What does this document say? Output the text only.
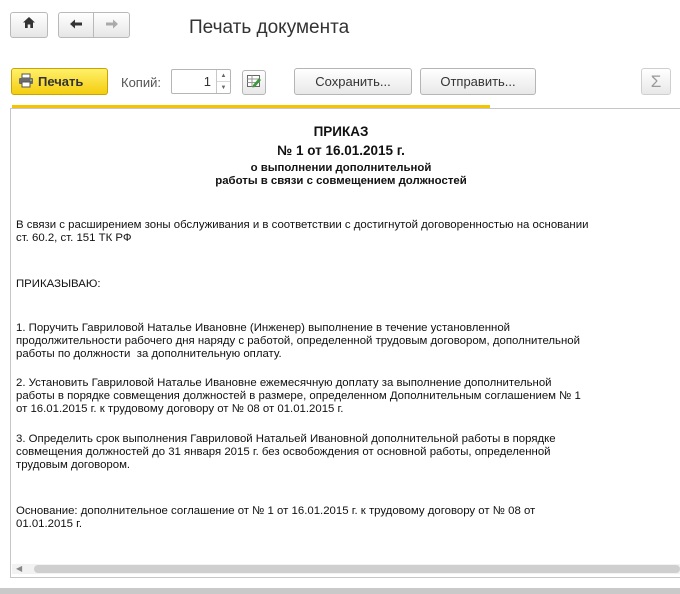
Печать документа
Печать	Копий:	1	▲
▼	Сохранить...	Отправить...	Σ
ПРИКАЗ
№ 1 от 16.01.2015 г.
о выполнении дополнительной
работы в связи с совмещением должностей
В связи с расширением зоны обслуживания и в соответствии с достигнутой договоренностью на основании
ст. 60.2, ст. 151 ТК РФ
ПРИКАЗЫВАЮ:
1. Поручить Гавриловой Наталье Ивановне (Инженер) выполнение в течение установленной
продолжительности рабочего дня наряду с работой, определенной трудовым договором, дополнительной
работы по должности  за дополнительную оплату.
2. Установить Гавриловой Наталье Ивановне ежемесячную доплату за выполнение дополнительной
работы в порядке совмещения должностей в размере, определенном Дополнительным соглашением № 1
от 16.01.2015 г. к трудовому договору от № 08 от 01.01.2015 г.
3. Определить срок выполнения Гавриловой Натальей Ивановной дополнительной работы в порядке
совмещения должностей до 31 января 2015 г. без освобождения от основной работы, определенной
трудовым договором.
Основание: дополнительное соглашение от № 1 от 16.01.2015 г. к трудовому договору от № 08 от
01.01.2015 г.
◀
